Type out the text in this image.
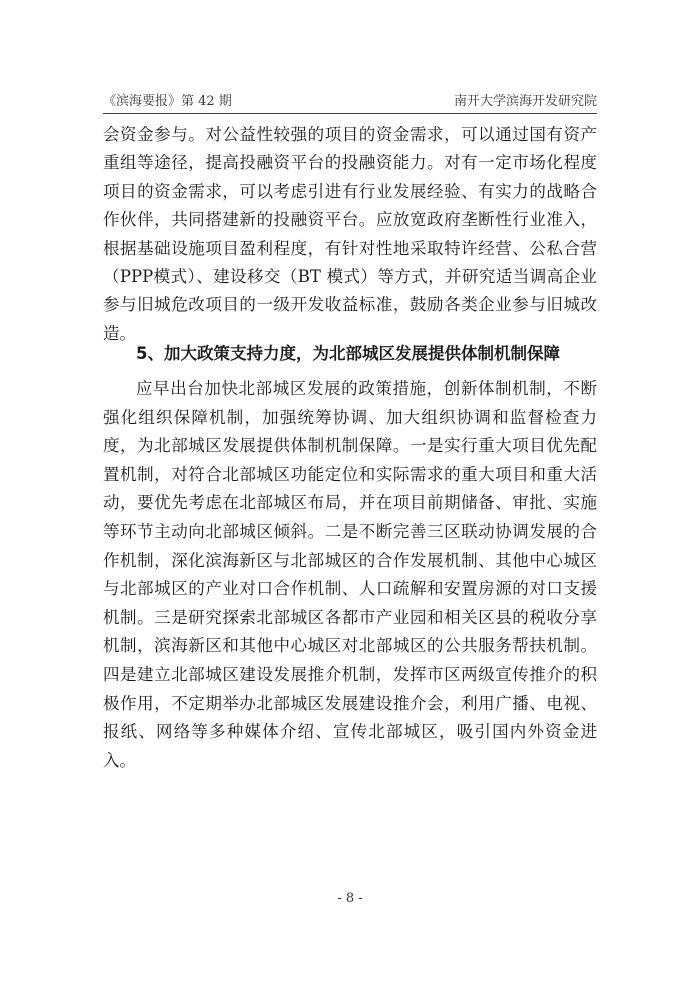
《滨海要报》第 42 期	南开大学滨海开发研究院

会资金参与。对公益性较强的项目的资金需求，可以通过国有资产重组等途径，提高投融资平台的投融资能力。对有一定市场化程度项目的资金需求，可以考虑引进有行业发展经验、有实力的战略合作伙伴，共同搭建新的投融资平台。应放宽政府垄断性行业准入，根据基础设施项目盈利程度，有针对性地采取特许经营、公私合营（PPP模式）、建设移交（BT 模式）等方式，并研究适当调高企业参与旧城危改项目的一级开发收益标准，鼓励各类企业参与旧城改造。

5、加大政策支持力度，为北部城区发展提供体制机制保障

应早出台加快北部城区发展的政策措施，创新体制机制，不断强化组织保障机制，加强统筹协调、加大组织协调和监督检查力度，为北部城区发展提供体制机制保障。一是实行重大项目优先配置机制，对符合北部城区功能定位和实际需求的重大项目和重大活动，要优先考虑在北部城区布局，并在项目前期储备、审批、实施等环节主动向北部城区倾斜。二是不断完善三区联动协调发展的合作机制，深化滨海新区与北部城区的合作发展机制、其他中心城区与北部城区的产业对口合作机制、人口疏解和安置房源的对口支援机制。三是研究探索北部城区各都市产业园和相关区县的税收分享机制，滨海新区和其他中心城区对北部城区的公共服务帮扶机制。四是建立北部城区建设发展推介机制，发挥市区两级宣传推介的积极作用，不定期举办北部城区发展建设推介会，利用广播、电视、报纸、网络等多种媒体介绍、宣传北部城区，吸引国内外资金进入。

- 8 -
